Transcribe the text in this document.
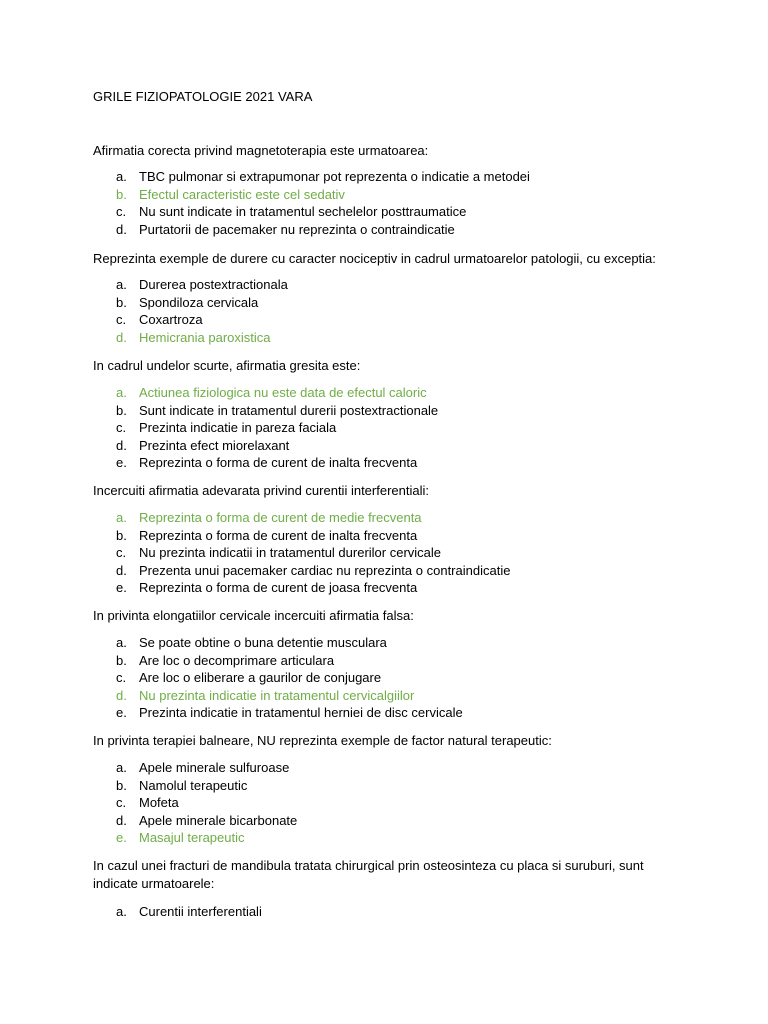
GRILE FIZIOPATOLOGIE 2021 VARA
Afirmatia corecta privind magnetoterapia este urmatoarea:
a. TBC pulmonar si extrapumonar pot reprezenta o indicatie a metodei
b. Efectul caracteristic este cel sedativ
c. Nu sunt indicate in tratamentul sechelelor posttraumatice
d. Purtatorii de pacemaker nu reprezinta o contraindicatie
Reprezinta exemple de durere cu caracter nociceptiv in cadrul urmatoarelor patologii, cu exceptia:
a. Durerea postextractionala
b. Spondiloza cervicala
c. Coxartroza
d. Hemicrania paroxistica
In cadrul undelor scurte, afirmatia gresita este:
a. Actiunea fiziologica nu este data de efectul caloric
b. Sunt indicate in tratamentul durerii postextractionale
c. Prezinta indicatie in pareza faciala
d. Prezinta efect miorelaxant
e. Reprezinta o forma de curent de inalta frecventa
Incercuiti afirmatia adevarata privind curentii interferentiali:
a. Reprezinta o forma de curent de medie frecventa
b. Reprezinta o forma de curent de inalta frecventa
c. Nu prezinta indicatii in tratamentul durerilor cervicale
d. Prezenta unui pacemaker cardiac nu reprezinta o contraindicatie
e. Reprezinta o forma de curent de joasa frecventa
In privinta elongatiilor cervicale incercuiti afirmatia falsa:
a. Se poate obtine o buna detentie musculara
b. Are loc o decomprimare articulara
c. Are loc o eliberare a gaurilor de conjugare
d. Nu prezinta indicatie in tratamentul cervicalgiilor
e. Prezinta indicatie in tratamentul herniei de disc cervicale
In privinta terapiei balneare, NU reprezinta exemple de factor natural terapeutic:
a. Apele minerale sulfuroase
b. Namolul terapeutic
c. Mofeta
d. Apele minerale bicarbonate
e. Masajul terapeutic
In cazul unei fracturi de mandibula tratata chirurgical prin osteosinteza cu placa si suruburi, sunt indicate urmatoarele:
a. Curentii interferentiali
